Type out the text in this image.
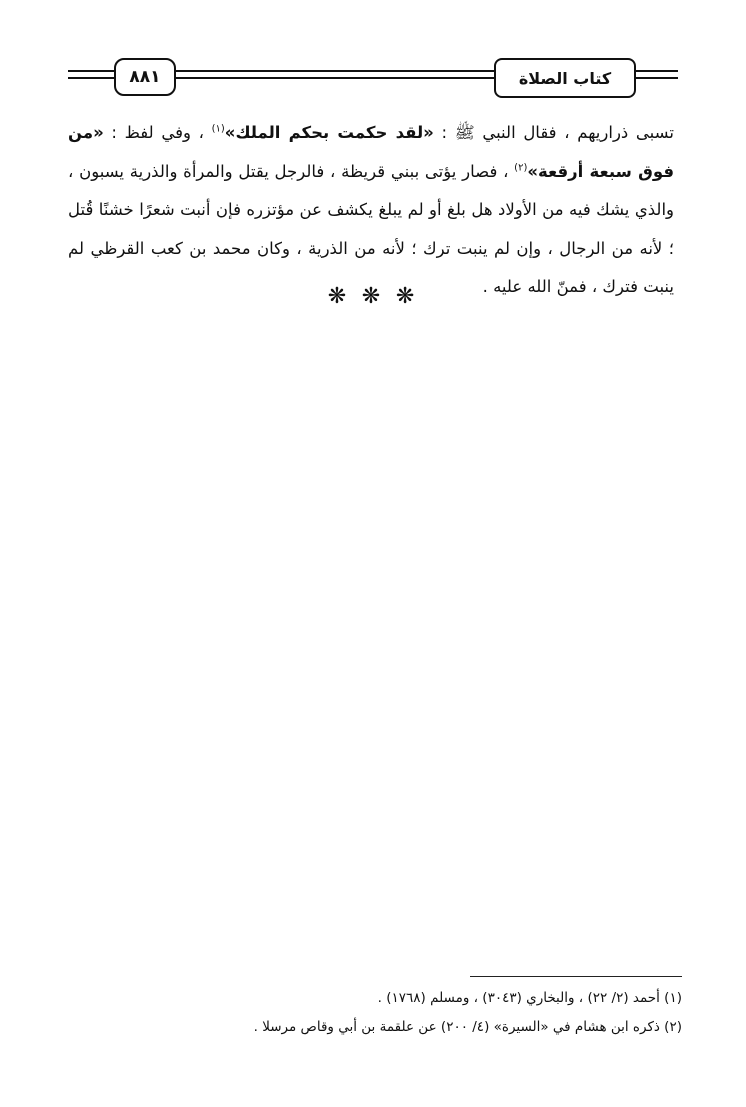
٨٨١	كتاب الصلاة
تسبى ذراريهم ، فقال النبي ﷺ : «لقد حكمت بحكم الملك»$^{(١)}$ ، وفي لفظ : «من فوق سبعة أرقعة»$^{(٢)}$ ، فصار يؤتى ببني قريظة ، فالرجل يقتل والمرأة والذرية يسبون ، والذي يشك فيه من الأولاد هل بلغ أو لم يبلغ يكشف عن مؤتزره فإن أنبت شعرًا خشنًا قُتل ؛ لأنه من الرجال ، وإن لم ينبت ترك ؛ لأنه من الذرية ، وكان محمد بن كعب القرظي لم ينبت فترك ، فمنّ الله عليه .
❋ ❋ ❋
(١) أحمد (٢/ ٢٢) ، والبخاري (٣٠٤٣) ، ومسلم (١٧٦٨) .
(٢) ذكره ابن هشام في «السيرة» (٤/ ٢٠٠) عن علقمة بن أبي وقاص مرسلا .
